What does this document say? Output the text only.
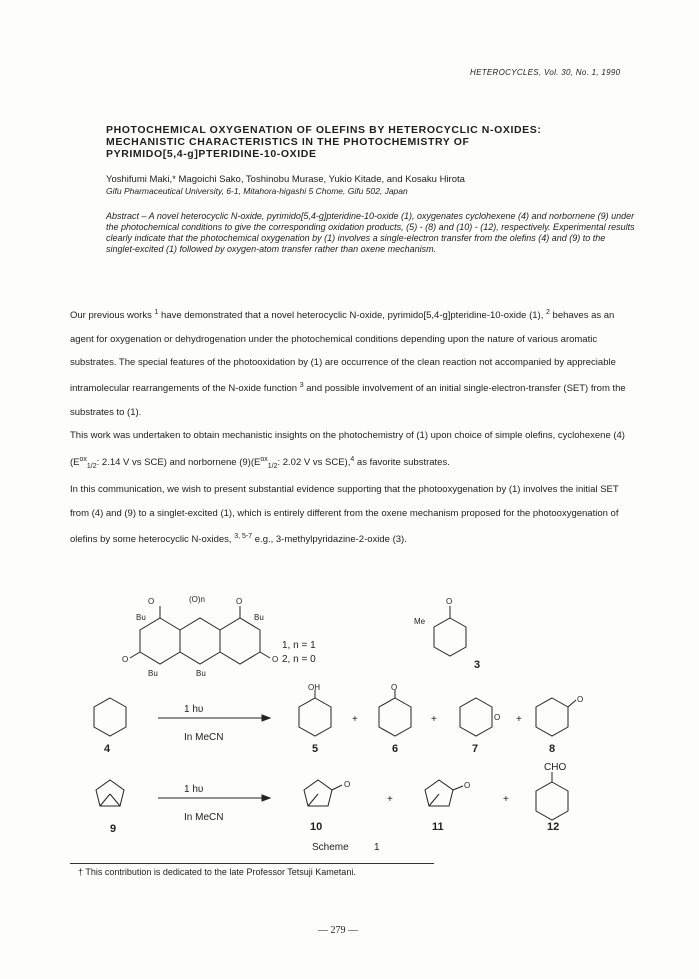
HETEROCYCLES, Vol. 30, No. 1, 1990
PHOTOCHEMICAL OXYGENATION OF OLEFINS BY HETEROCYCLIC N-OXIDES:
MECHANISTIC CHARACTERISTICS IN THE PHOTOCHEMISTRY OF
PYRIMIDO[5,4-g]PTERIDINE-10-OXIDE
Yoshifumi Maki,* Magoichi Sako, Toshinobu Murase, Yukio Kitade, and Kosaku Hirota
Gifu Pharmaceutical University, 6-1, Mitahora-higashi 5 Chome, Gifu 502, Japan
Abstract – A novel heterocyclic N-oxide, pyrimido[5,4-g]pteridine-10-oxide (1), oxygenates cyclohexene (4) and norbornene (9) under the photochemical conditions to give the corresponding oxidation products, (5) - (8) and (10) - (12), respectively. Experimental results clearly indicate that the photochemical oxygenation by (1) involves a single-electron transfer from the olefins (4) and (9) to the singlet-excited (1) followed by oxygen-atom transfer rather than oxene mechanism.

Our previous works $^1$ have demonstrated that a novel heterocyclic N-oxide, pyrimido[5,4-g]pteridine-10-oxide (1), $^2$ behaves as an agent for oxygenation or dehydrogenation under the photochemical conditions depending upon the nature of various aromatic substrates. The special features of the photooxidation by (1) are occurrence of the clean reaction not accompanied by appreciable intramolecular rearrangements of the N-oxide function $^3$ and possible involvement of an initial single-electron-transfer (SET) from the substrates to (1).

This work was undertaken to obtain mechanistic insights on the photochemistry of (1) upon choice of simple olefins, cyclohexene $(4)(E^{ox}_{1/2}$: 2.14 V vs SCE) and norbornene $(9)(E^{ox}_{1/2}$: 2.02 V vs SCE),$^4$ as favorite substrates.

In this communication, we wish to present substantial evidence supporting that the photooxygenation by (1) involves the initial SET from (4) and (9) to a singlet-excited (1), which is entirely different from the oxene mechanism proposed for the photooxygenation of olefins by some heterocyclic N-oxides, $^{3, 5-7}$ e.g., 3-methylpyridazine-2-oxide (3).

O	(O)n	O
Bu	Bu
Bu	Bu
O	O
O
Me
OH	O
O
O
O	O
1, n = 1
2, n = 0
1 hυ
In MeCN
1 hυ
In MeCN
CHO
+	+	+
+	+
3
4	5	6	7	8
9	10	11	12
Scheme	1
† This contribution is dedicated to the late Professor Tetsuji Kametani.
— 279 —
